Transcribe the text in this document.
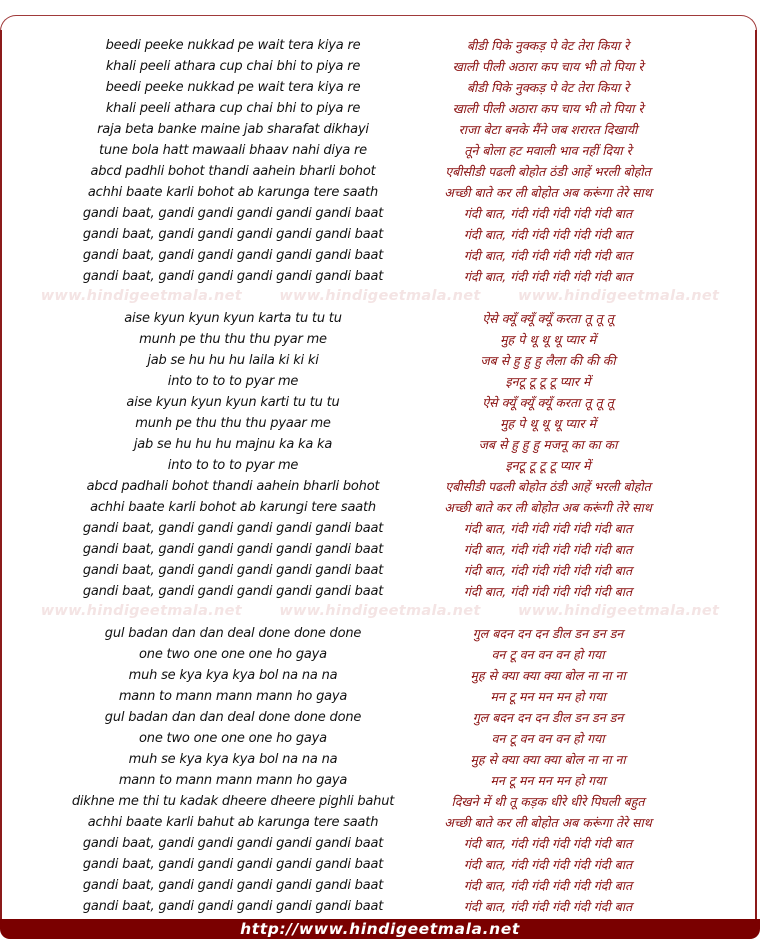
beedi peeke nukkad pe wait tera kiya re
khali peeli athara cup chai bhi to piya re
beedi peeke nukkad pe wait tera kiya re
khali peeli athara cup chai bhi to piya re
raja beta banke maine jab sharafat dikhayi
tune bola hatt mawaali bhaav nahi diya re
abcd padhli bohot thandi aahein bharli bohot
achhi baate karli bohot ab karunga tere saath
gandi baat, gandi gandi gandi gandi gandi baat
gandi baat, gandi gandi gandi gandi gandi baat
gandi baat, gandi gandi gandi gandi gandi baat
gandi baat, gandi gandi gandi gandi gandi baat
aise kyun kyun kyun karta tu tu tu
munh pe thu thu thu pyar me
jab se hu hu hu laila ki ki ki
into to to to pyar me
aise kyun kyun kyun karti tu tu tu
munh pe thu thu thu pyaar me
jab se hu hu hu majnu ka ka ka
into to to to pyar me
abcd padhali bohot thandi aahein bharli bohot
achhi baate karli bohot ab karungi tere saath
gandi baat, gandi gandi gandi gandi gandi baat
gandi baat, gandi gandi gandi gandi gandi baat
gandi baat, gandi gandi gandi gandi gandi baat
gandi baat, gandi gandi gandi gandi gandi baat
gul badan dan dan deal done done done
one two one one one ho gaya
muh se kya kya kya bol na na na
mann to mann mann mann ho gaya
gul badan dan dan deal done done done
one two one one one ho gaya
muh se kya kya kya bol na na na
mann to mann mann mann ho gaya
dikhne me thi tu kadak dheere dheere pighli bahut
achhi baate karli bahut ab karunga tere saath
gandi baat, gandi gandi gandi gandi gandi baat
gandi baat, gandi gandi gandi gandi gandi baat
gandi baat, gandi gandi gandi gandi gandi baat
gandi baat, gandi gandi gandi gandi gandi baat
बीडी पिके नुक्कड़ पे वेट तेरा किया रे
खाली पीली अठारा कप चाय भी तो पिया रे
बीडी पिके नुक्कड़ पे वेट तेरा किया रे
खाली पीली अठारा कप चाय भी तो पिया रे
राजा बेटा बनके मैंने जब शरारत दिखायी
तूने बोला हट मवाली भाव नहीं दिया रे
एबीसीडी पढली बोहोत ठंडी आहें भरली बोहोत
अच्छी बाते कर ली बोहोत अब करूंगा तेरे साथ
गंदी बात, गंदी गंदी गंदी गंदी गंदी बात
गंदी बात, गंदी गंदी गंदी गंदी गंदी बात
गंदी बात, गंदी गंदी गंदी गंदी गंदी बात
गंदी बात, गंदी गंदी गंदी गंदी गंदी बात
ऐसे क्यूँ क्यूँ क्यूँ करता तू तू तू
मुह पे थू थू थू प्यार में
जब से हु हु हु लैला की की की
इनटू टू टू टू प्यार में
ऐसे क्यूँ क्यूँ क्यूँ करता तू तू तू
मुह पे थू थू थू प्यार में
जब से हु हु हु मजनू का का का
इनटू टू टू टू प्यार में
एबीसीडी पढली बोहोत ठंडी आहें भरली बोहोत
अच्छी बाते कर ली बोहोत अब करूंगी तेरे साथ
गंदी बात, गंदी गंदी गंदी गंदी गंदी बात
गंदी बात, गंदी गंदी गंदी गंदी गंदी बात
गंदी बात, गंदी गंदी गंदी गंदी गंदी बात
गंदी बात, गंदी गंदी गंदी गंदी गंदी बात
गुल बदन दन दन डील डन डन डन
वन टू वन वन वन हो गया
मुह से क्या क्या क्या बोल ना ना ना
मन टू मन मन मन हो गया
गुल बदन दन दन डील डन डन डन
वन टू वन वन वन हो गया
मुह से क्या क्या क्या बोल ना ना ना
मन टू मन मन मन हो गया
दिखने में थी तू कड़क धीरे धीरे पिघली बहुत
अच्छी बाते कर ली बोहोत अब करूंगा तेरे साथ
गंदी बात, गंदी गंदी गंदी गंदी गंदी बात
गंदी बात, गंदी गंदी गंदी गंदी गंदी बात
गंदी बात, गंदी गंदी गंदी गंदी गंदी बात
गंदी बात, गंदी गंदी गंदी गंदी गंदी बात
www.hindigeetmala.net	www.hindigeetmala.net	www.hindigeetmala.net
www.hindigeetmala.net	www.hindigeetmala.net	www.hindigeetmala.net
http://www.hindigeetmala.net
